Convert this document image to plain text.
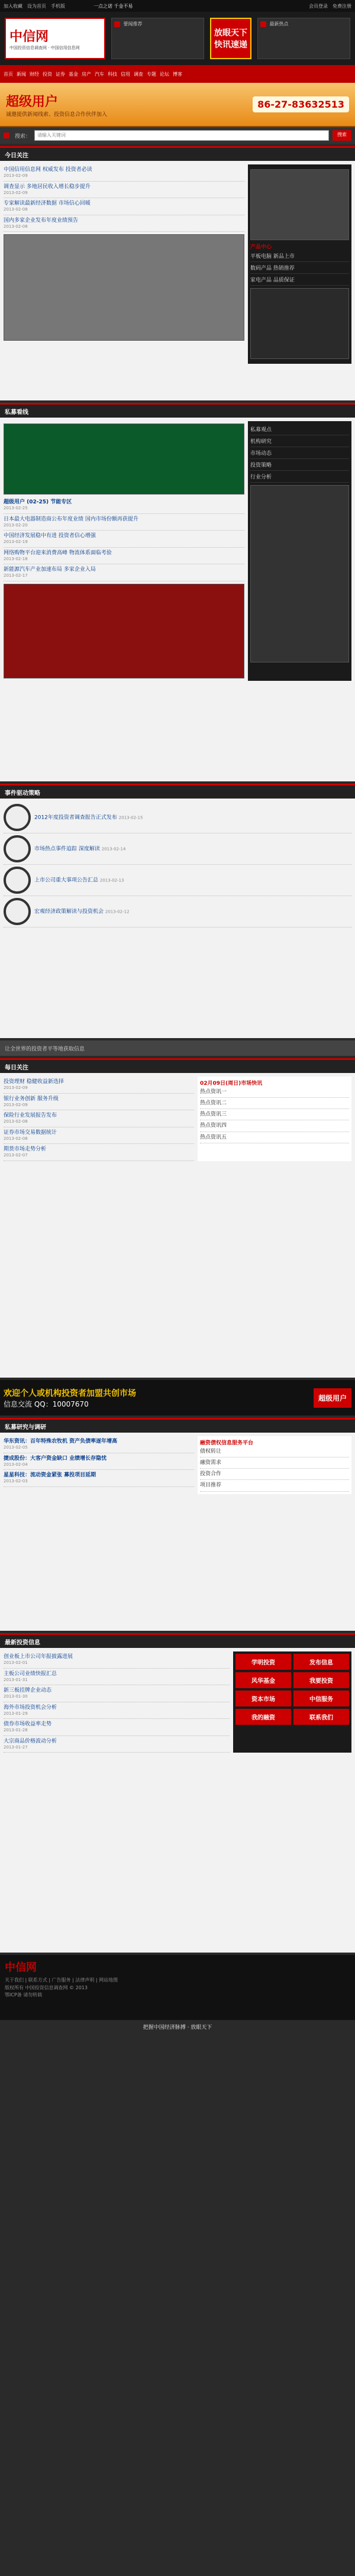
加入收藏 设为首页 手机版	一点之诺 千金不易	会员登录 免费注册
中信网
中国投资信息调查网 · 中国信用信息网
要闻推荐
放眼天下 快讯速递
最新热点
首页 新闻 财经 投资 证券 基金 房产 汽车 科技 信用 调查 专题 论坛 博客
超级用户
诚邀提供新闻线索、投资信息合作伙伴加入
86-27-83632513
搜索：	请输入关键词	搜索
今日关注
中国信用信息网 权威发布 投资者必读
2013-02-09
调查显示 多地居民收入增长稳步提升
2013-02-09
专家解读最新经济数据 市场信心回暖
2013-02-08
国内多家企业发布年度业绩预告
2013-02-08
产品中心
平板电脑 新品上市
数码产品 热销推荐
家电产品 品质保证
私募看线
超级用户 (02-25) 节能专区
2013-02-25
日本最大电器制造商公布年度业绩 国内市场份额再获提升
2013-02-20
中国经济发展稳中有进 投资者信心增强
2013-02-19
网络购物平台迎来消费高峰 物流体系面临考验
2013-02-18
新能源汽车产业加速布局 多家企业入局
2013-02-17
私募观点
机构研究
市场动态
投资策略
行业分析
事件驱动策略
2012年度投资者调查报告正式发布 2013-02-15
市场热点事件追踪 深度解读 2013-02-14
上市公司重大事项公告汇总 2013-02-13
宏观经济政策解读与投资机会 2013-02-12
让全世界的投资者平等地获取信息
每日关注
投资理财 稳健收益新选择
2013-02-09
银行业务创新 服务升级
2013-02-09
保险行业发展报告发布
2013-02-08
证券市场交易数据统计
2013-02-08
期货市场走势分析
2013-02-07
02月09日(周日)市场快讯
热点资讯一
热点资讯二
热点资讯三
热点资讯四
热点资讯五
欢迎个人或机构投资者加盟共创市场
信息交流 QQ：10007670
超级用户
私募研究与调研
华东资讯：百年特殊农牧机 资产负债率逐年增高
2013-02-05
捷成股份：大客户资金缺口 业绩增长存隐忧
2013-02-04
星星科技：流动资金紧张 募投项目延期
2013-02-03
融资债权信息服务平台
债权转让
融资需求
投资合作
项目推荐
最新投资信息
创业板上市公司年报披露进展
2013-02-01
主板公司业绩快报汇总
2013-01-31
新三板挂牌企业动态
2013-01-30
海外市场投资机会分析
2013-01-29
债券市场收益率走势
2013-01-28
大宗商品价格波动分析
2013-01-27
学明投资	发布信息
风华基金	我要投资
资本市场	中信服务
我的融资	联系我们
中信网
关于我们 | 联系方式 | 广告服务 | 法律声明 | 网站地图
版权所有 中国投资信息调查网 © 2013
鄂ICP备 请勿转载
把握中国经济脉搏 · 放眼天下
